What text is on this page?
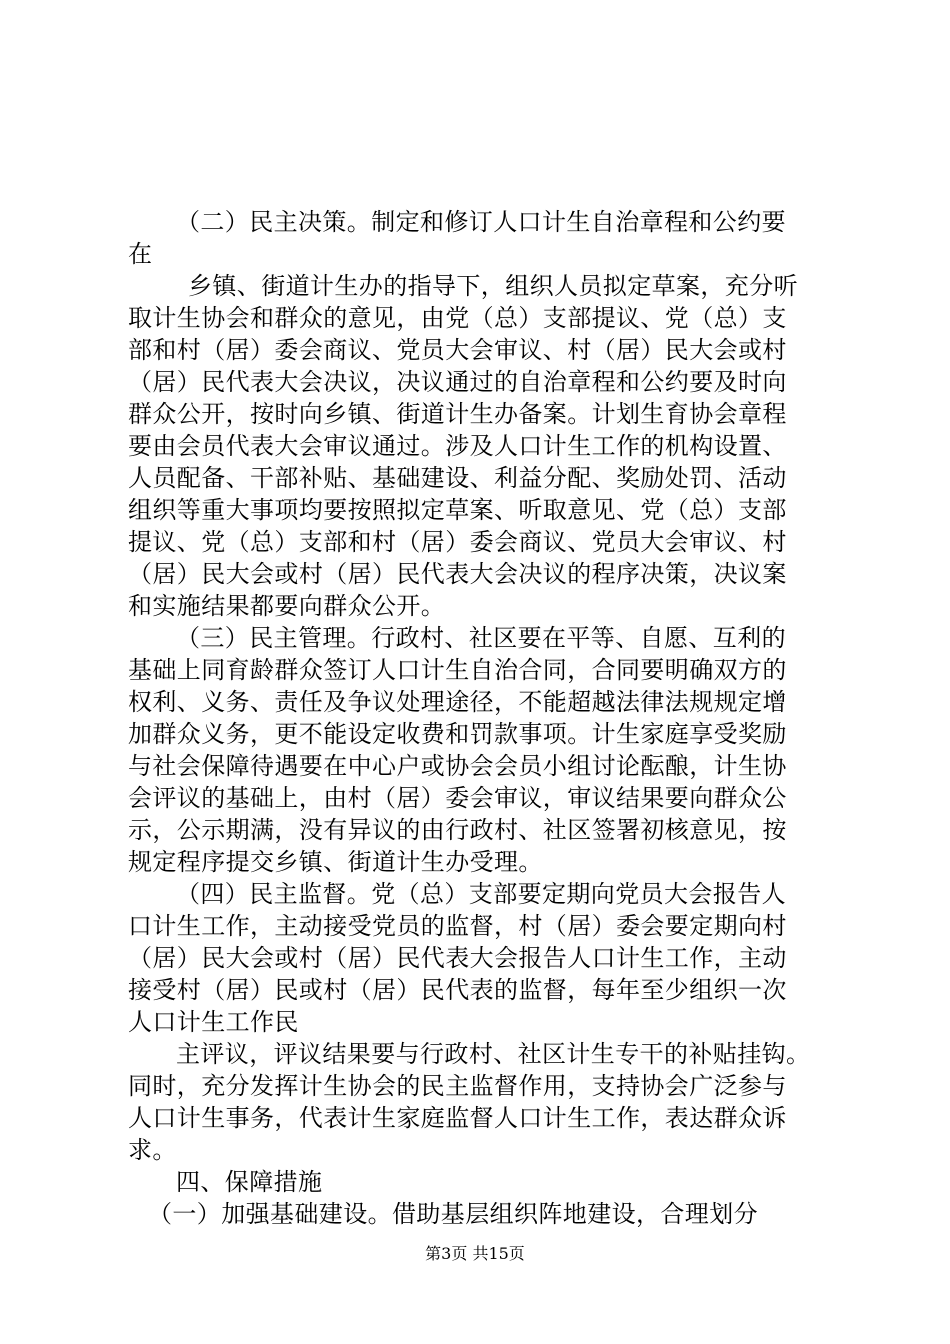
（二）民主决策。制定和修订人口计生自治章程和公约要
在
乡镇、街道计生办的指导下，组织人员拟定草案，充分听
取计生协会和群众的意见，由党（总）支部提议、党（总）支
部和村（居）委会商议、党员大会审议、村（居）民大会或村
（居）民代表大会决议，决议通过的自治章程和公约要及时向
群众公开，按时向乡镇、街道计生办备案。计划生育协会章程
要由会员代表大会审议通过。涉及人口计生工作的机构设置、
人员配备、干部补贴、基础建设、利益分配、奖励处罚、活动
组织等重大事项均要按照拟定草案、听取意见、党（总）支部
提议、党（总）支部和村（居）委会商议、党员大会审议、村
（居）民大会或村（居）民代表大会决议的程序决策，决议案
和实施结果都要向群众公开。
（三）民主管理。行政村、社区要在平等、自愿、互利的
基础上同育龄群众签订人口计生自治合同，合同要明确双方的
权利、义务、责任及争议处理途径，不能超越法律法规规定增
加群众义务，更不能设定收费和罚款事项。计生家庭享受奖励
与社会保障待遇要在中心户或协会会员小组讨论酝酿，计生协
会评议的基础上，由村（居）委会审议，审议结果要向群众公
示，公示期满，没有异议的由行政村、社区签署初核意见，按
规定程序提交乡镇、街道计生办受理。
（四）民主监督。党（总）支部要定期向党员大会报告人
口计生工作，主动接受党员的监督，村（居）委会要定期向村
（居）民大会或村（居）民代表大会报告人口计生工作，主动
接受村（居）民或村（居）民代表的监督，每年至少组织一次
人口计生工作民
主评议，评议结果要与行政村、社区计生专干的补贴挂钩。
同时，充分发挥计生协会的民主监督作用，支持协会广泛参与
人口计生事务，代表计生家庭监督人口计生工作，表达群众诉
求。
四、保障措施
（一）加强基础建设。借助基层组织阵地建设，合理划分
第3页 共15页
